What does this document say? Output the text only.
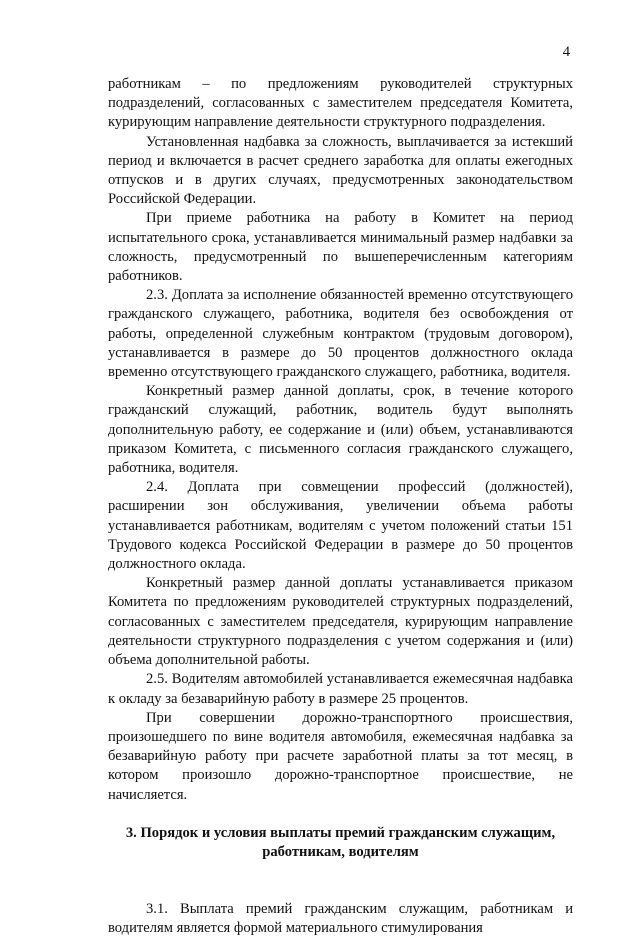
4

работникам – по предложениям руководителей структурных подразделений, согласованных с заместителем председателя Комитета, курирующим направление деятельности структурного подразделения.

Установленная надбавка за сложность, выплачивается за истекший период и включается в расчет среднего заработка для оплаты ежегодных отпусков и в других случаях, предусмотренных законодательством Российской Федерации.

При приеме работника на работу в Комитет на период испытательного срока, устанавливается минимальный размер надбавки за сложность, предусмотренный по вышеперечисленным категориям работников.

2.3. Доплата за исполнение обязанностей временно отсутствующего гражданского служащего, работника, водителя без освобождения от работы, определенной служебным контрактом (трудовым договором), устанавливается в размере до 50 процентов должностного оклада временно отсутствующего гражданского служащего, работника, водителя.

Конкретный размер данной доплаты, срок, в течение которого гражданский служащий, работник, водитель будут выполнять дополнительную работу, ее содержание и (или) объем, устанавливаются приказом Комитета, с письменного согласия гражданского служащего, работника, водителя.

2.4. Доплата при совмещении профессий (должностей), расширении зон обслуживания, увеличении объема работы устанавливается работникам, водителям с учетом положений статьи 151 Трудового кодекса Российской Федерации в размере до 50 процентов должностного оклада.

Конкретный размер данной доплаты устанавливается приказом Комитета по предложениям руководителей структурных подразделений, согласованных с заместителем председателя, курирующим направление деятельности структурного подразделения с учетом содержания и (или) объема дополнительной работы.

2.5. Водителям автомобилей устанавливается ежемесячная надбавка к окладу за безаварийную работу в размере 25 процентов.

При совершении дорожно-транспортного происшествия, произошедшего по вине водителя автомобиля, ежемесячная надбавка за безаварийную работу при расчете заработной платы за тот месяц, в котором произошло дорожно-транспортное происшествие, не начисляется.

3. Порядок и условия выплаты премий гражданским служащим,
работникам, водителям

3.1. Выплата премий гражданским служащим, работникам и водителям является формой материального стимулирования
